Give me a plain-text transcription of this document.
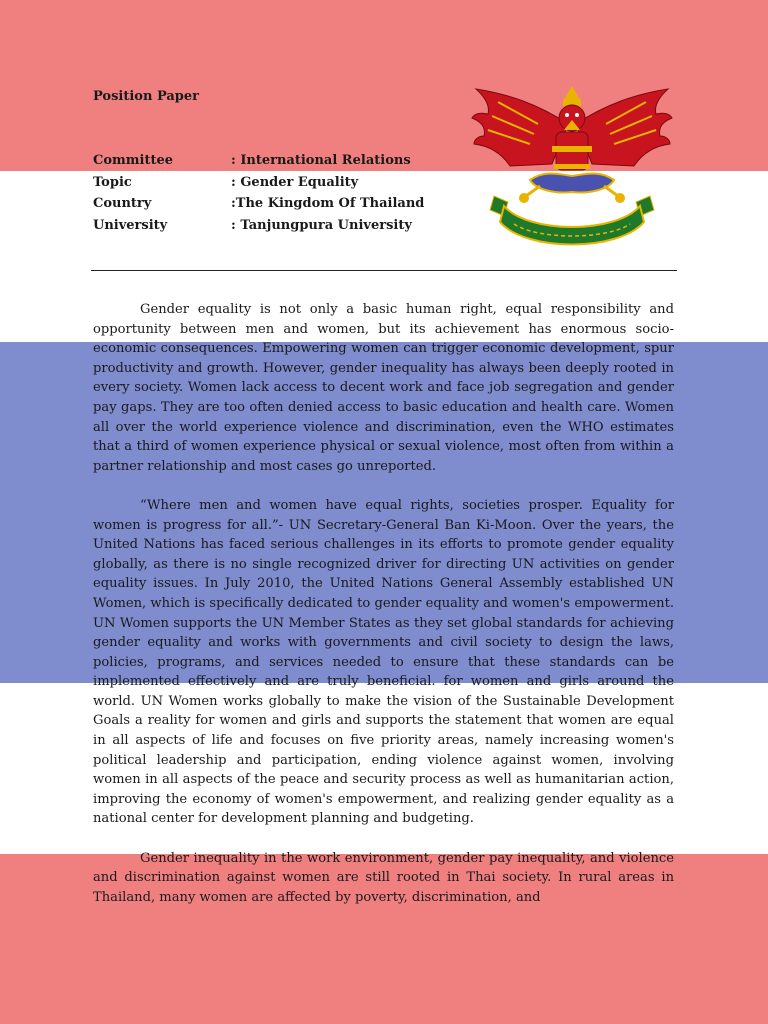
Position Paper
Committee	: International Relations
Topic	: Gender Equality
Country	:The Kingdom Of Thailand
University	: Tanjungpura University

Gender equality is not only a basic human right, equal responsibility and opportunity between men and women, but its achievement has enormous socio-economic consequences. Empowering women can trigger economic development, spur productivity and growth. However, gender inequality has always been deeply rooted in every society. Women lack access to decent work and face job segregation and gender pay gaps. They are too often denied access to basic education and health care. Women all over the world experience violence and discrimination, even the WHO estimates that a third of women experience physical or sexual violence, most often from within a partner relationship and most cases go unreported.

“Where men and women have equal rights, societies prosper. Equality for women is progress for all.”- UN Secretary-General Ban Ki-Moon. Over the years, the United Nations has faced serious challenges in its efforts to promote gender equality globally, as there is no single recognized driver for directing UN activities on gender equality issues. In July 2010, the United Nations General Assembly established UN Women, which is specifically dedicated to gender equality and women's empowerment. UN Women supports the UN Member States as they set global standards for achieving gender equality and works with governments and civil society to design the laws, policies, programs, and services needed to ensure that these standards can be implemented effectively and are truly beneficial. for women and girls around the world. UN Women works globally to make the vision of the Sustainable Development Goals a reality for women and girls and supports the statement that women are equal in all aspects of life and focuses on five priority areas, namely increasing women's political leadership and participation, ending violence against women, involving women in all aspects of the peace and security process as well as humanitarian action, improving the economy of women's empowerment, and realizing gender equality as a national center for development planning and budgeting.

Gender inequality in the work environment, gender pay inequality, and violence and discrimination against women are still rooted in Thai society. In rural areas in Thailand, many women are affected by poverty, discrimination, and
